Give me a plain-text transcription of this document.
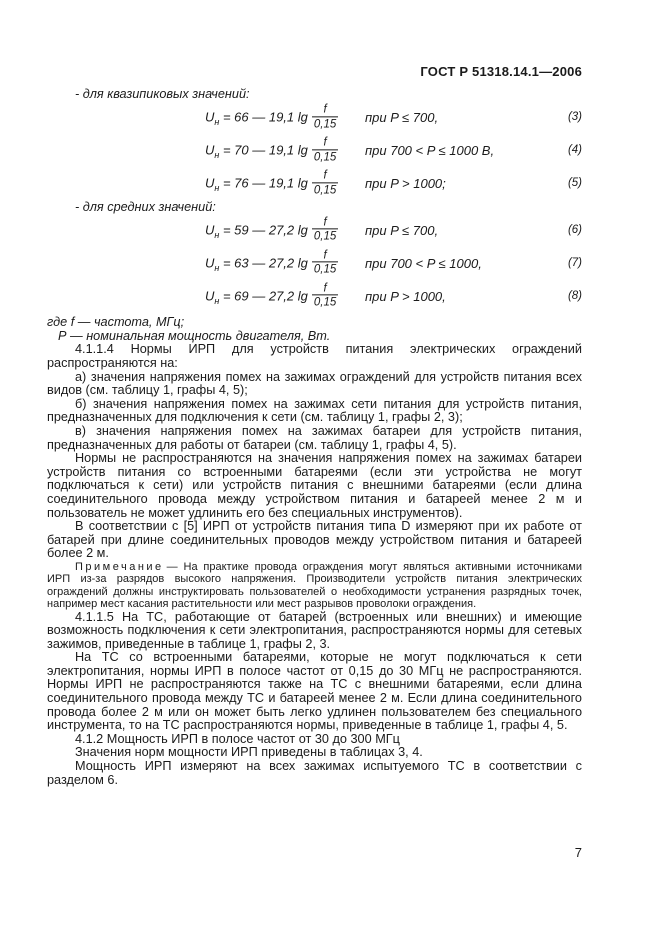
ГОСТ Р 51318.14.1—2006

- для квазипиковых значений:

$U_н = 66$ — 19,1 $\lg \frac{f}{0,15}$ при P ≤ 700,	(3)
$U_н = 70$ — 19,1 $\lg \frac{f}{0,15}$ при 700 < P ≤ 1000 В,	(4)
$U_н = 76$ — 19,1 $\lg \frac{f}{0,15}$ при P > 1000;	(5)

- для средних значений:

$U_н = 59$ — 27,2 $\lg \frac{f}{0,15}$ при P ≤ 700,	(6)
$U_н = 63$ — 27,2 $\lg \frac{f}{0,15}$ при 700 < P ≤ 1000,	(7)
$U_н = 69$ — 27,2 $\lg \frac{f}{0,15}$ при P > 1000,	(8)

где f — частота, МГц;

Р — номинальная мощность двигателя, Вт.

4.1.1.4 Нормы ИРП для устройств питания электрических ограждений распространяются на:

а) значения напряжения помех на зажимах ограждений для устройств питания всех видов (см. таблицу 1, графы 4, 5);

б) значения напряжения помех на зажимах сети питания для устройств питания, предназначенных для подключения к сети (см. таблицу 1, графы 2, 3);

в) значения напряжения помех на зажимах батареи для устройств питания, предназначенных для работы от батареи (см. таблицу 1, графы 4, 5).

Нормы не распространяются на значения напряжения помех на зажимах батареи устройств питания со встроенными батареями (если эти устройства не могут подключаться к сети) или устройств питания с внешними батареями (если длина соединительного провода между устройством питания и батареей менее 2 м и пользователь не может удлинить его без специальных инструментов).

В соответствии с [5] ИРП от устройств питания типа D измеряют при их работе от батарей при длине соединительных проводов между устройством питания и батареей более 2 м.

Примечание — На практике провода ограждения могут являться активными источниками ИРП из-за разрядов высокого напряжения. Производители устройств питания электрических ограждений должны инструктировать пользователей о необходимости устранения разрядных точек, например мест касания растительности или мест разрывов проволоки ограждения.

4.1.1.5 На ТС, работающие от батарей (встроенных или внешних) и имеющие возможность подключения к сети электропитания, распространяются нормы для сетевых зажимов, приведенные в таблице 1, графы 2, 3.

На ТС со встроенными батареями, которые не могут подключаться к сети электропитания, нормы ИРП в полосе частот от 0,15 до 30 МГц не распространяются. Нормы ИРП не распространяются также на ТС с внешними батареями, если длина соединительного провода между ТС и батареей менее 2 м. Если длина соединительного провода более 2 м или он может быть легко удлинен пользователем без специального инструмента, то на ТС распространяются нормы, приведенные в таблице 1, графы 4, 5.

4.1.2 Мощность ИРП в полосе частот от 30 до 300 МГц

Значения норм мощности ИРП приведены в таблицах 3, 4.

Мощность ИРП измеряют на всех зажимах испытуемого ТС в соответствии с разделом 6.

7
